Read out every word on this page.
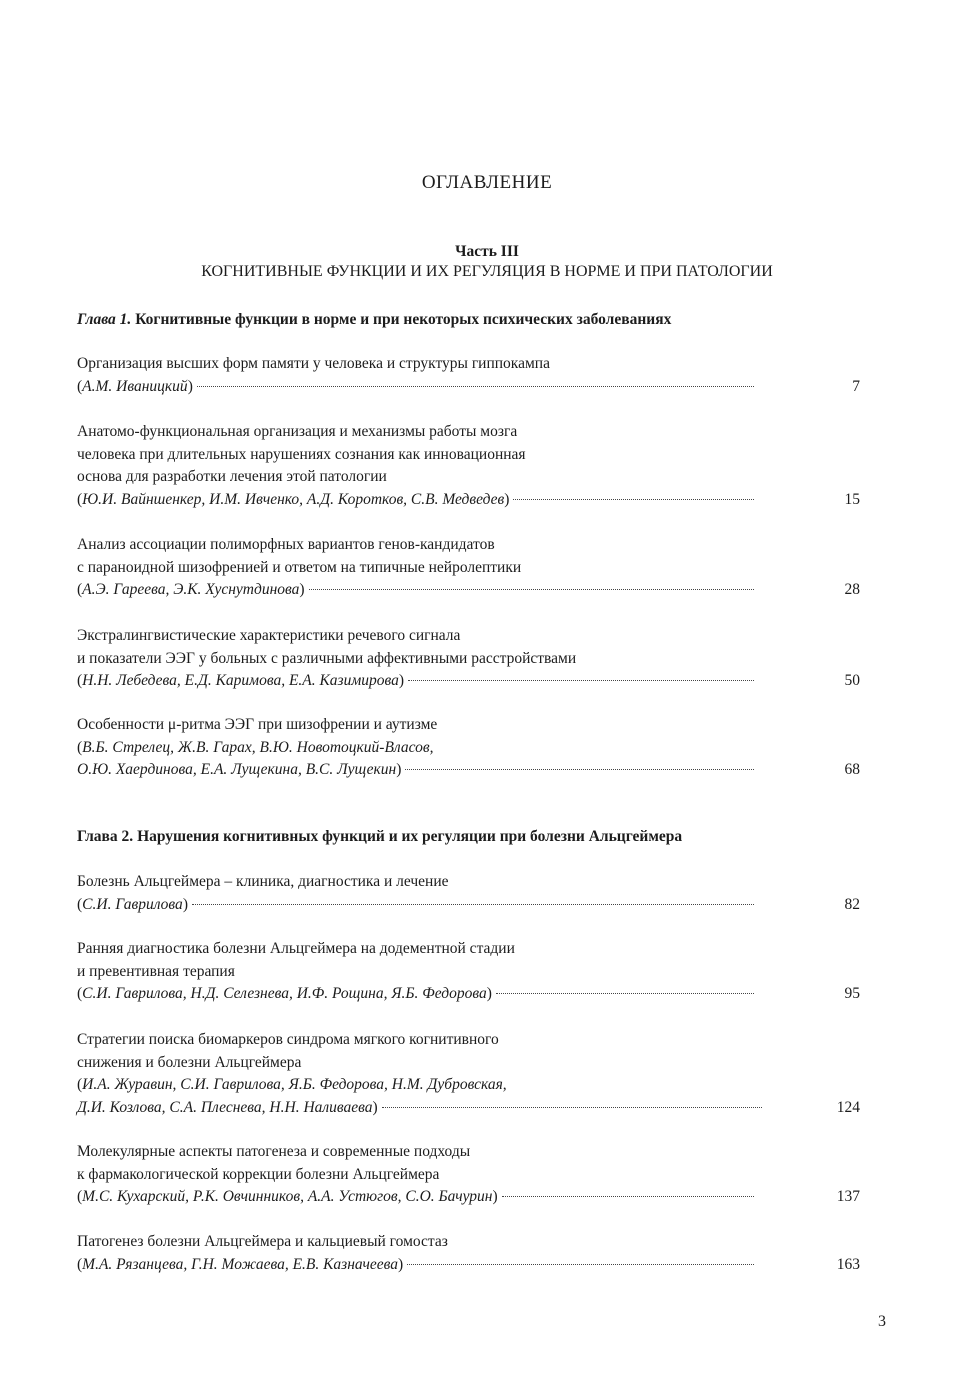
ОГЛАВЛЕНИЕ
Часть III
КОГНИТИВНЫЕ ФУНКЦИИ И ИХ РЕГУЛЯЦИЯ В НОРМЕ И ПРИ ПАТОЛОГИИ
Глава 1. Когнитивные функции в норме и при некоторых психических заболеваниях
Организация высших форм памяти у человека и структуры гиппокампа
(А.М. Иваницкий)	7
Анатомо-функциональная организация и механизмы работы мозга
человека при длительных нарушениях сознания как инновационная
основа для разработки лечения этой патологии
(Ю.И. Вайншенкер, И.М. Ивченко, А.Д. Коротков, С.В. Медведев)	15
Анализ ассоциации полиморфных вариантов генов-кандидатов
с параноидной шизофренией и ответом на типичные нейролептики
(А.Э. Гареева, Э.К. Хуснутдинова)	28
Экстралингвистические характеристики речевого сигнала
и показатели ЭЭГ у больных с различными аффективными расстройствами
(Н.Н. Лебедева, Е.Д. Каримова, Е.А. Казимирова)	50
Особенности μ-ритма ЭЭГ при шизофрении и аутизме
(В.Б. Стрелец, Ж.В. Гарах, В.Ю. Новотоцкий-Власов,
О.Ю. Хаердинова, Е.А. Лущекина, В.С. Лущекин)	68
Глава 2. Нарушения когнитивных функций и их регуляции при болезни Альцгеймера
Болезнь Альцгеймера – клиника, диагностика и лечение
(С.И. Гаврилова)	82
Ранняя диагностика болезни Альцгеймера на додементной стадии
и превентивная терапия
(С.И. Гаврилова, Н.Д. Селезнева, И.Ф. Рощина, Я.Б. Федорова)	95
Стратегии поиска биомаркеров синдрома мягкого когнитивного
снижения и болезни Альцгеймера
(И.А. Журавин, С.И. Гаврилова, Я.Б. Федорова, Н.М. Дубровская,
Д.И. Козлова, С.А. Плеснева, Н.Н. Наливаева)	124
Молекулярные аспекты патогенеза и современные подходы
к фармакологической коррекции болезни Альцгеймера
(М.С. Кухарский, Р.К. Овчинников, А.А. Устюгов, С.О. Бачурин)	137
Патогенез болезни Альцгеймера и кальциевый гомостаз
(М.А. Рязанцева, Г.Н. Можаева, Е.В. Казначеева)	163
3
